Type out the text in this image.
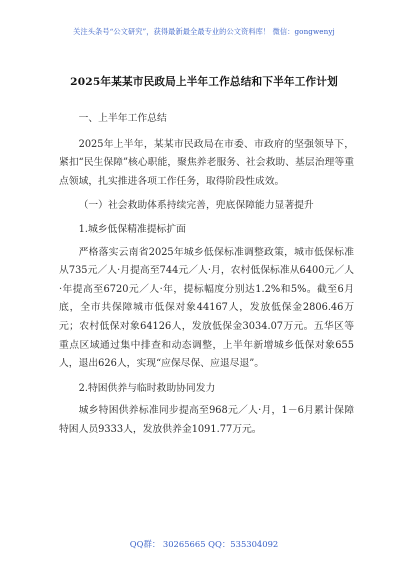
关注头条号“公文研究”，获得最新最全最专业的公文资料库！ 微信：gongwenyj
2025年某某市民政局上半年工作总结和下半年工作计划

一、上半年工作总结

2025年上半年，某某市民政局在市委、市政府的坚强领导下，紧扣“民生保障”核心职能，聚焦养老服务、社会救助、基层治理等重点领域，扎实推进各项工作任务，取得阶段性成效。

（一）社会救助体系持续完善，兜底保障能力显著提升

1.城乡低保精准提标扩面

严格落实云南省2025年城乡低保标准调整政策，城市低保标准从735元／人·月提高至744元／人·月，农村低保标准从6400元／人·年提高至6720元／人·年，提标幅度分别达1.2%和5%。截至6月底，全市共保障城市低保对象44167人，发放低保金2806.46万元；农村低保对象64126人，发放低保金3034.07万元。五华区等重点区域通过集中排查和动态调整，上半年新增城乡低保对象655人，退出626人，实现“应保尽保、应退尽退”。

2.特困供养与临时救助协同发力

城乡特困供养标准同步提高至968元／人·月，1－6月累计保障特困人员9333人，发放供养金1091.77万元。

QQ群： 30265665 QQ：535304092
